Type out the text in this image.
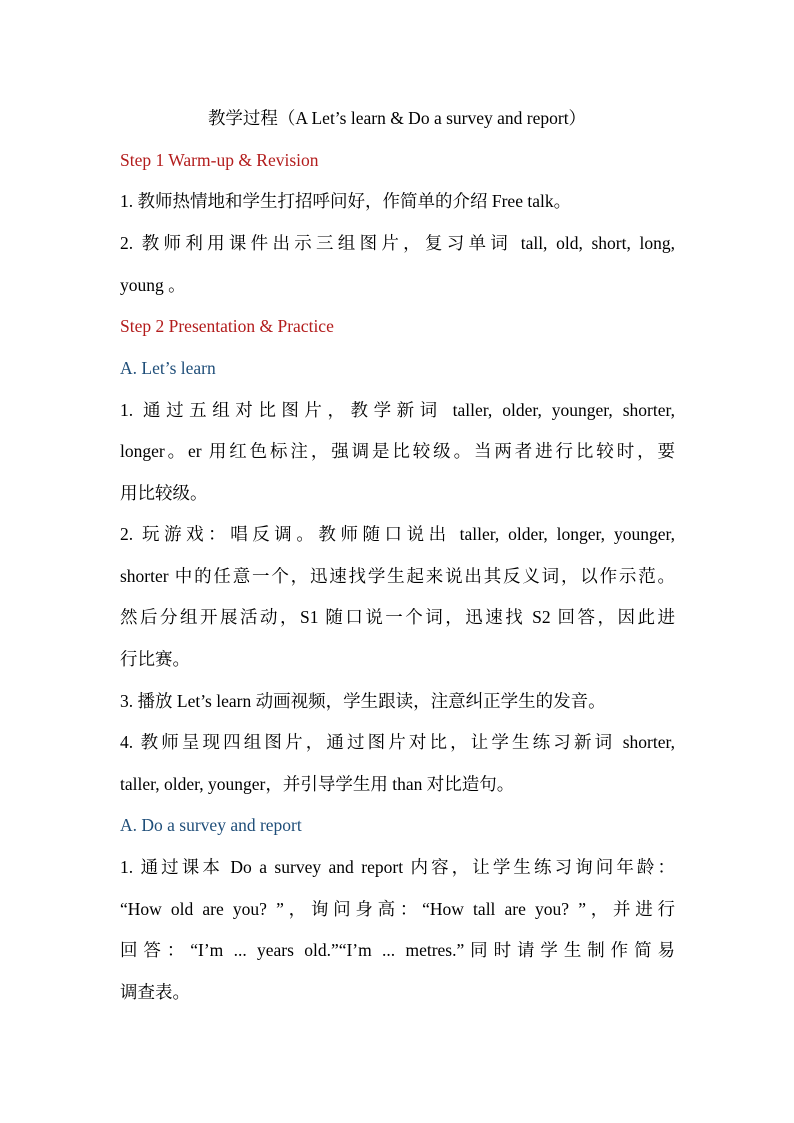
教学过程（A Let’s learn & Do a survey and report）
Step 1 Warm-up & Revision
1. 教师热情地和学生打招呼问好，作简单的介绍 Free talk。
2. 教师利用课件出示三组图片，复习单词 tall, old, short, long,
young 。
Step 2 Presentation & Practice
A. Let’s learn
1. 通过五组对比图片，教学新词 taller, older, younger, shorter,
longer。er 用红色标注，强调是比较级。当两者进行比较时，要
用比较级。
2. 玩游戏：唱反调。教师随口说出 taller, older, longer, younger,
shorter 中的任意一个，迅速找学生起来说出其反义词，以作示范。
然后分组开展活动，S1 随口说一个词，迅速找 S2 回答，因此进
行比赛。
3. 播放 Let’s learn 动画视频，学生跟读，注意纠正学生的发音。
4. 教师呈现四组图片，通过图片对比，让学生练习新词 shorter,
taller, older, younger，并引导学生用 than 对比造句。
A. Do a survey and report
1. 通过课本 Do a survey and report 内容，让学生练习询问年龄：
“How old are you? ”，询问身高：“How tall are you? ”，并进行
回答：“I’m ... years old.”“I’m ... metres.”同时请学生制作简易
调查表。
